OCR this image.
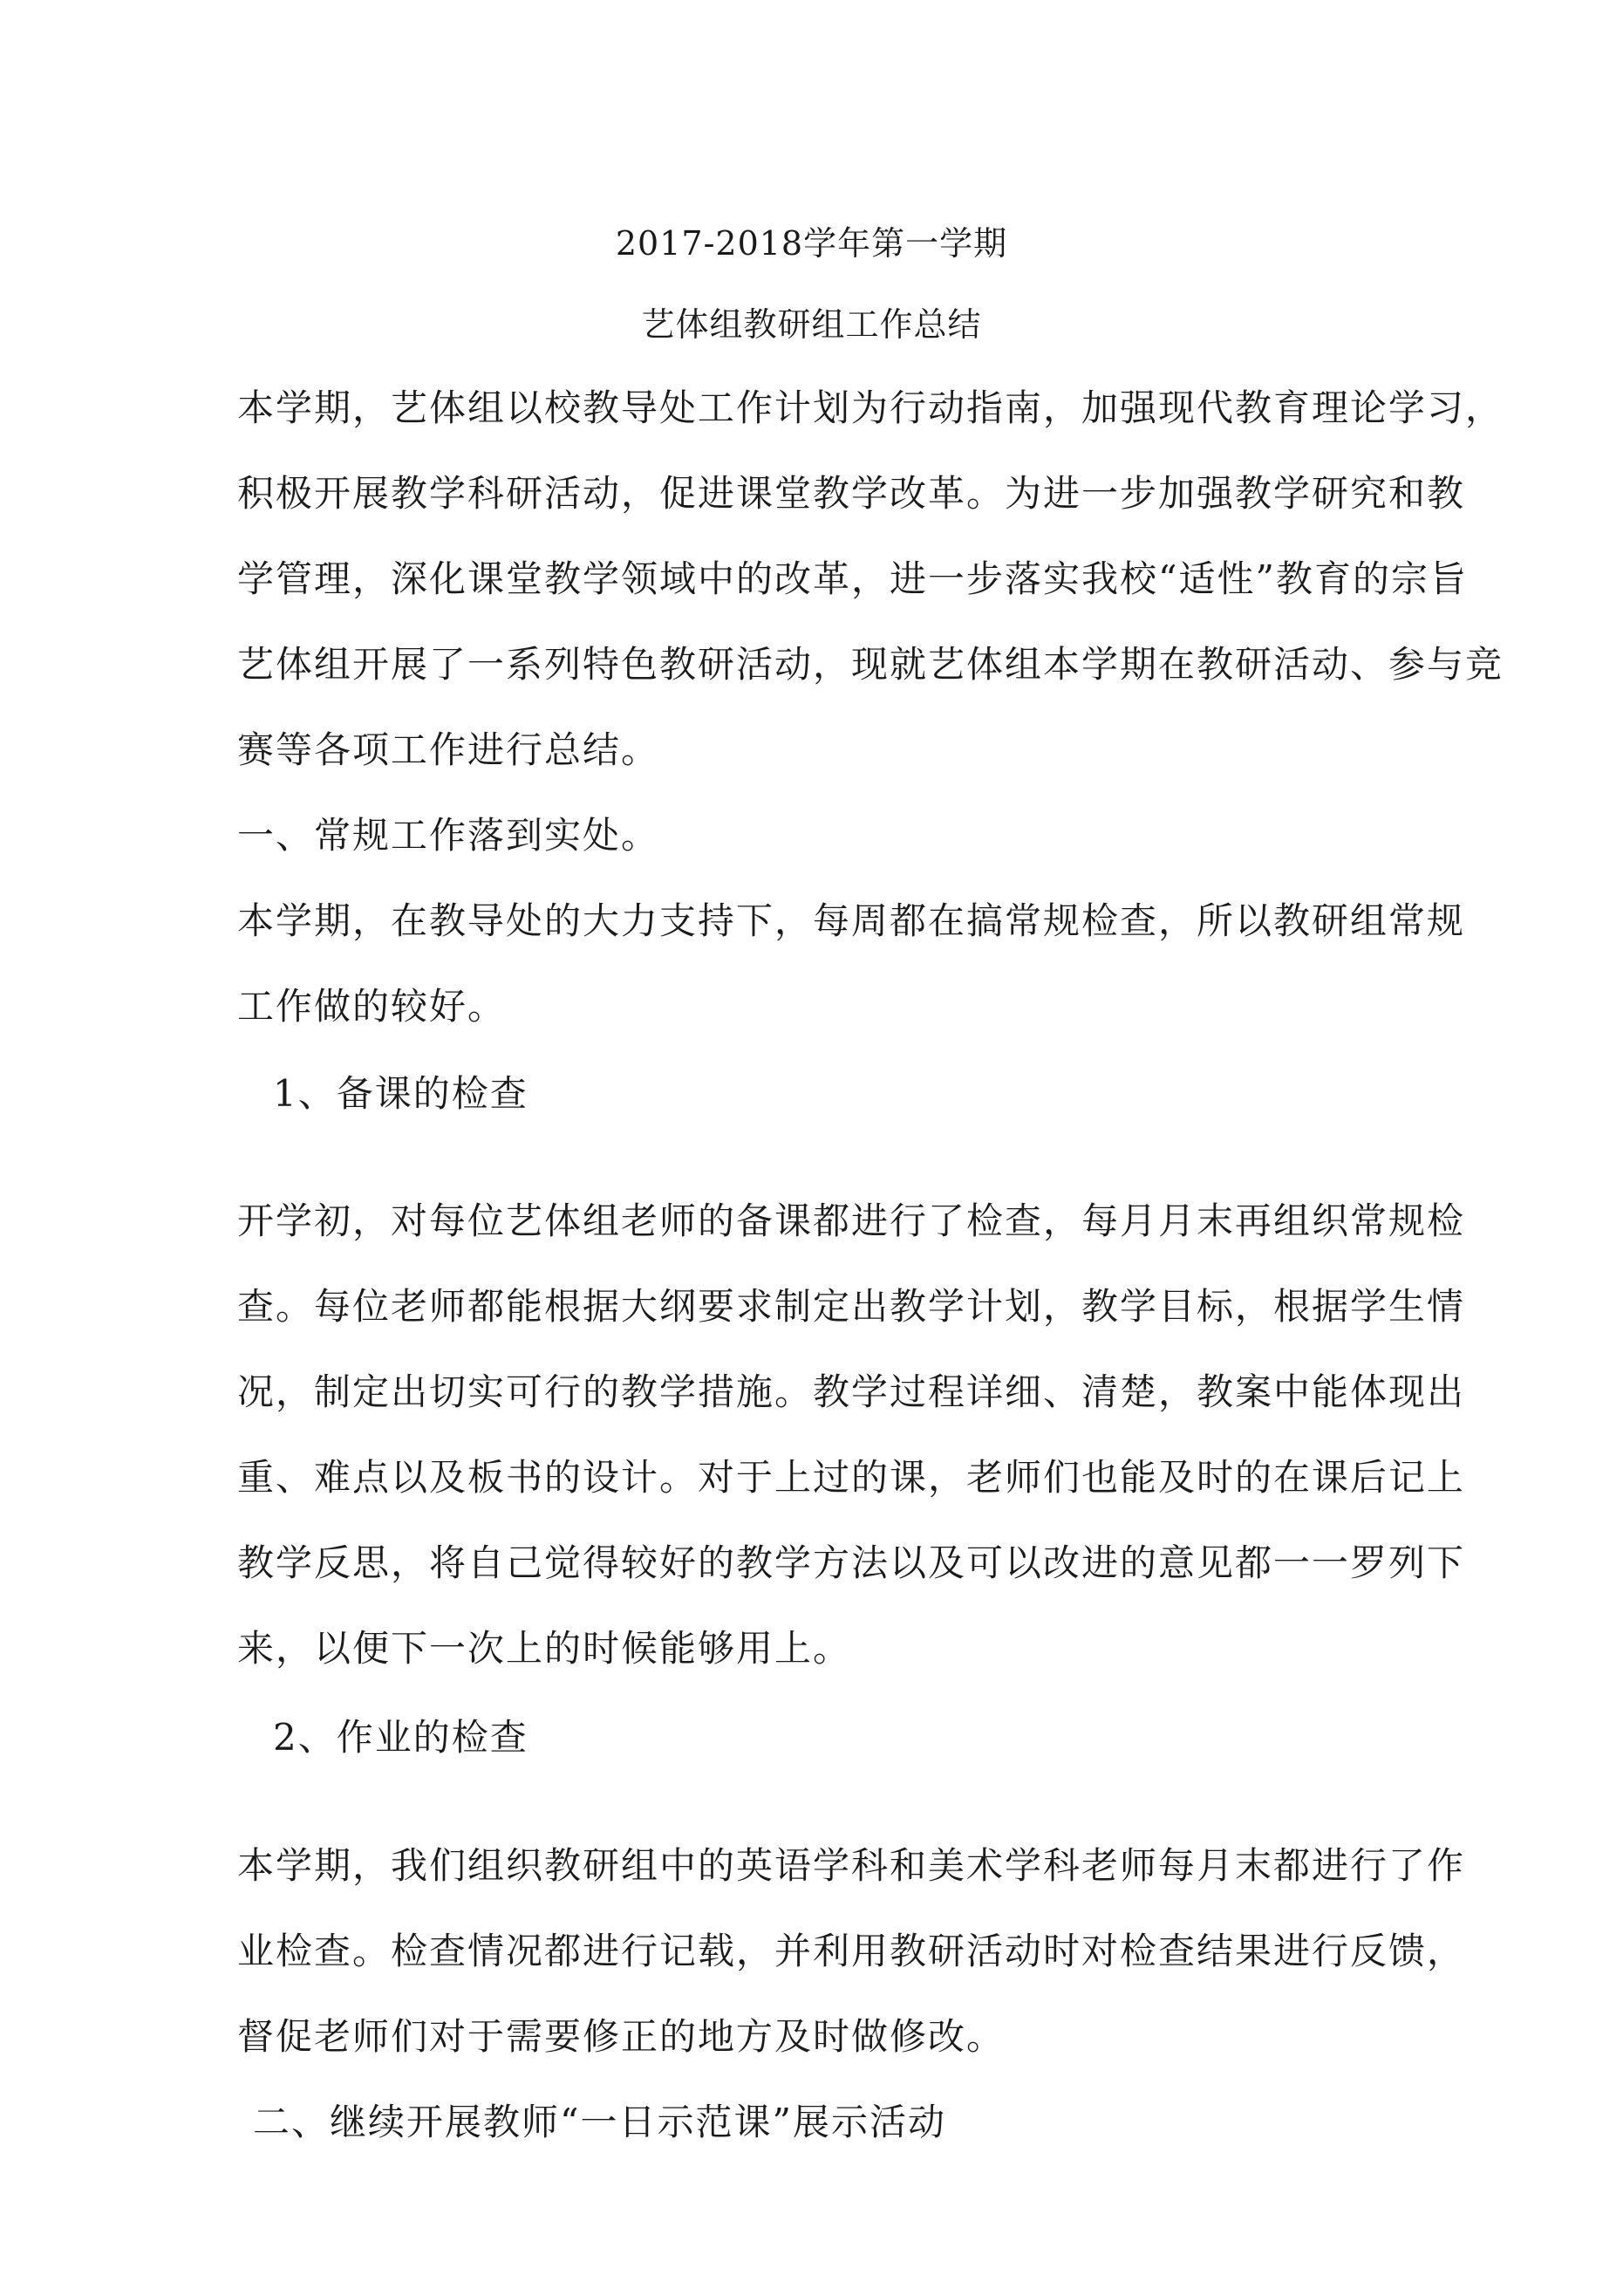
2017-2018学年第一学期
艺体组教研组工作总结
本学期，艺体组以校教导处工作计划为行动指南，加强现代教育理论学习，
积极开展教学科研活动，促进课堂教学改革。为进一步加强教学研究和教
学管理，深化课堂教学领域中的改革，进一步落实我校“适性”教育的宗旨
艺体组开展了一系列特色教研活动，现就艺体组本学期在教研活动、参与竞
赛等各项工作进行总结。
一、常规工作落到实处。
本学期，在教导处的大力支持下，每周都在搞常规检查，所以教研组常规
工作做的较好。
1、备课的检查
开学初，对每位艺体组老师的备课都进行了检查，每月月末再组织常规检
查。每位老师都能根据大纲要求制定出教学计划，教学目标，根据学生情
况，制定出切实可行的教学措施。教学过程详细、清楚，教案中能体现出
重、难点以及板书的设计。对于上过的课，老师们也能及时的在课后记上
教学反思，将自己觉得较好的教学方法以及可以改进的意见都一一罗列下
来，以便下一次上的时候能够用上。
2、作业的检查
本学期，我们组织教研组中的英语学科和美术学科老师每月末都进行了作
业检查。检查情况都进行记载，并利用教研活动时对检查结果进行反馈，
督促老师们对于需要修正的地方及时做修改。
二、继续开展教师“一日示范课”展示活动
